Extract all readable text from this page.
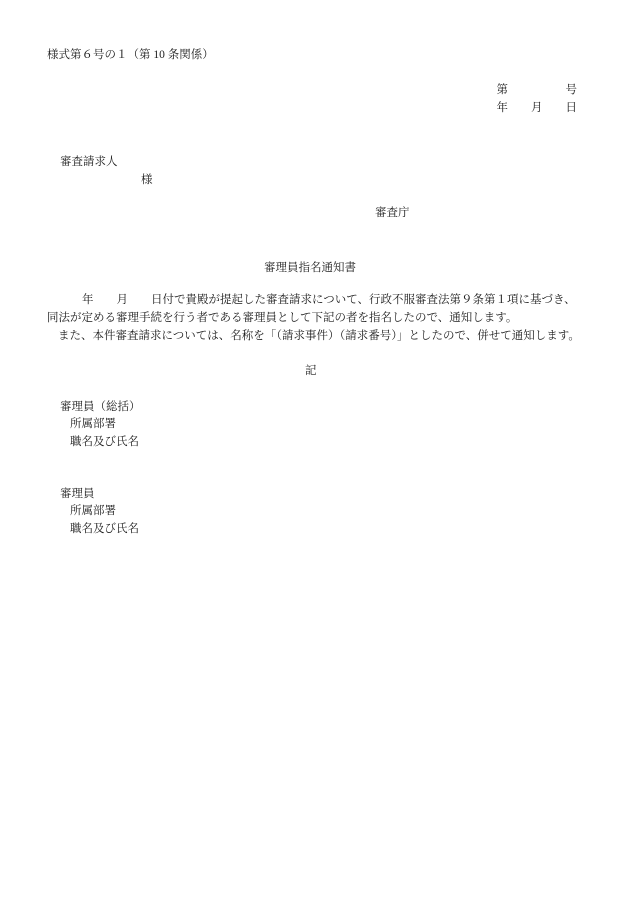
様式第６号の１（第 10 条関係）
第　　　　　号
年　　月　　日
審査請求人
様
審査庁
審理員指名通知書
年　　月　　日付で貴殿が提起した審査請求について、行政不服審査法第９条第１項に基づき、
同法が定める審理手続を行う者である審理員として下記の者を指名したので、通知します。
また、本件審査請求については、名称を「（請求事件）（請求番号）」としたので、併せて通知します。
記
審理員（総括）
所属部署
職名及び氏名
審理員
所属部署
職名及び氏名
